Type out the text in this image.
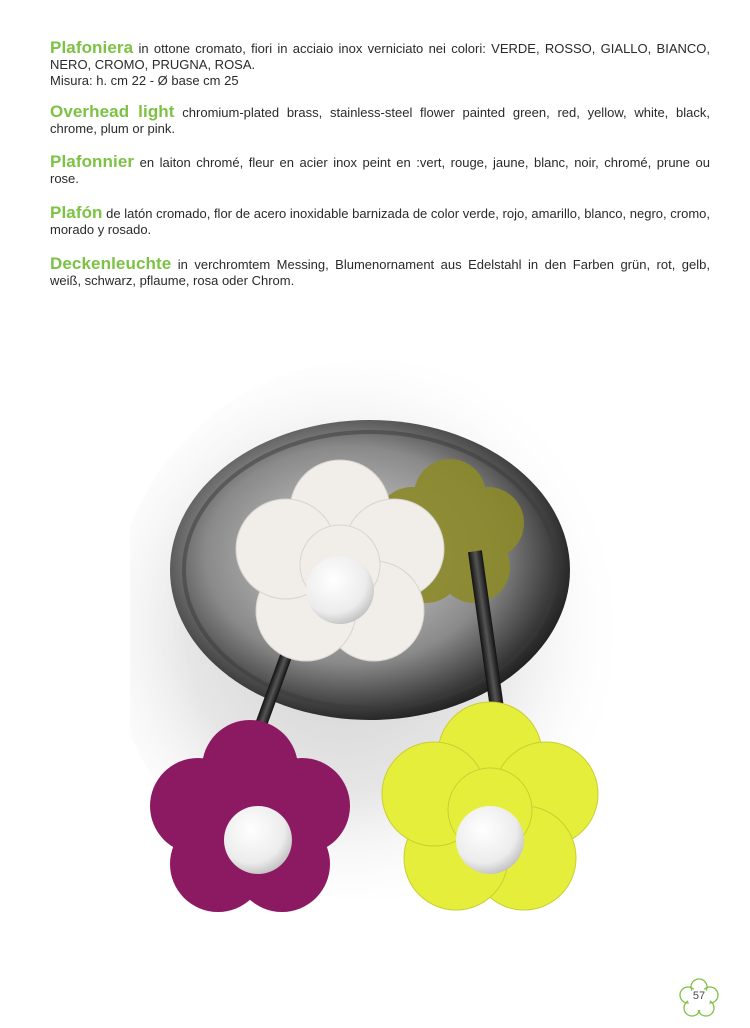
Plafoniera in ottone cromato, fiori in acciaio inox verniciato nei colori: VERDE, ROSSO, GIALLO, BIANCO, NERO, CROMO, PRUGNA, ROSA.
Misura: h. cm 22 - Ø base cm 25
Overhead light chromium-plated brass, stainless-steel flower painted green, red, yellow, white, black, chrome, plum or pink.
Plafonnier en laiton chromé, fleur en acier inox peint en :vert, rouge, jaune, blanc, noir, chromé, prune ou rose.
Plafón de latón cromado, flor de acero inoxidable barnizada de color verde, rojo, amarillo, blanco, negro, cromo, morado y rosado.
Deckenleuchte in verchromtem Messing, Blumenornament aus Edelstahl in den Farben grün, rot, gelb, weiß, schwarz, pflaume, rosa oder Chrom.
57
